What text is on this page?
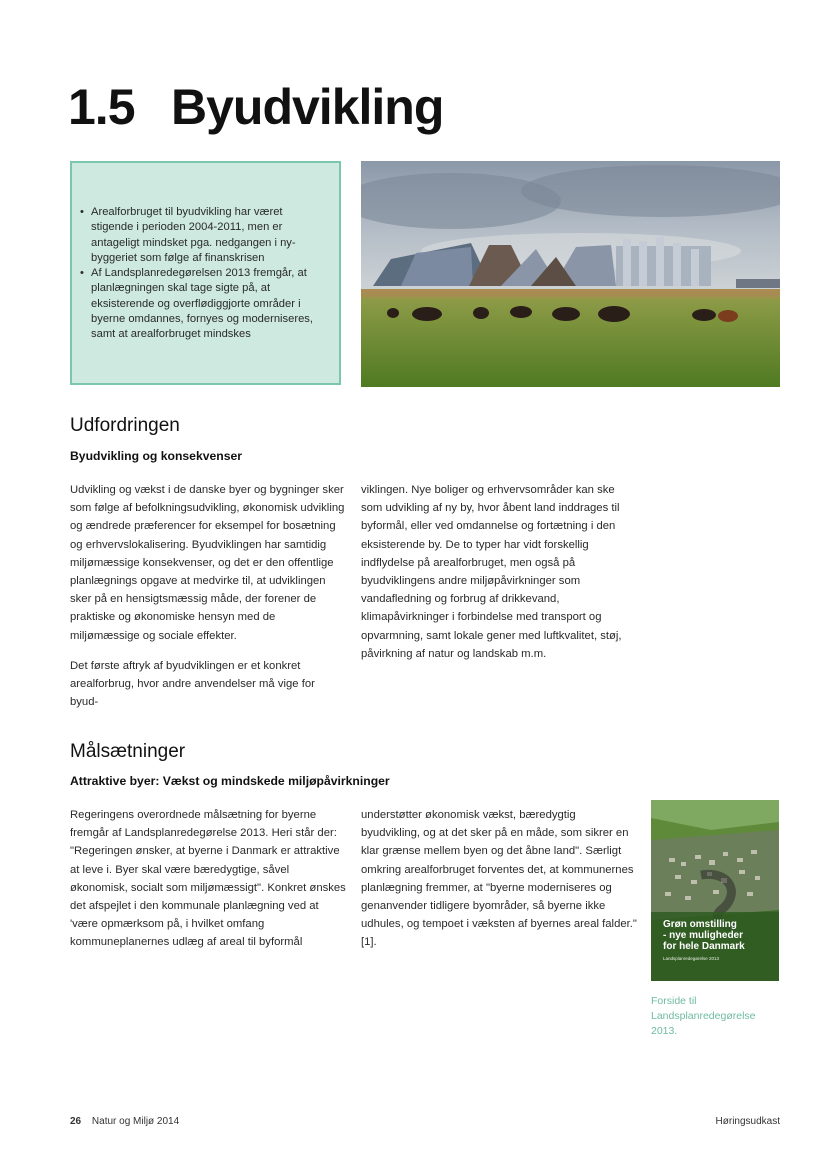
1.5 Byudvikling
• Arealforbruget til byudvikling har været stigende i perioden 2004-2011, men er antageligt mindsket pga. nedgangen i ny-byggeriet som følge af finanskrisen
• Af Landsplanredegørelsen 2013 fremgår, at planlægningen skal tage sigte på, at eksisterende og overflødiggjorte områder i byerne omdannes, fornyes og moderniseres, samt at arealforbruget mindskes
Udfordringen
Byudvikling og konsekvenser

Udvikling og vækst i de danske byer og bygninger sker som følge af befolkningsudvikling, økonomisk udvikling og ændrede præferencer for eksempel for bosætning og erhvervslokalisering. Byudviklingen har samtidig miljømæssige konsekvenser, og det er den offentlige planlægnings opgave at medvirke til, at udviklingen sker på en hensigtsmæssig måde, der forener de praktiske og økonomiske hensyn med de miljømæssige og sociale effekter.

Det første aftryk af byudviklingen er et konkret arealforbrug, hvor andre anvendelser må vige for byud-

viklingen. Nye boliger og erhvervsområder kan ske som udvikling af ny by, hvor åbent land inddrages til byformål, eller ved omdannelse og fortætning i den eksisterende by. De to typer har vidt forskellig indflydelse på arealforbruget, men også på byudviklingens andre miljøpåvirkninger som vandafledning og forbrug af drikkevand, klimapåvirkninger i forbindelse med transport og opvarmning, samt lokale gener med luftkvalitet, støj, påvirkning af natur og landskab m.m.

Målsætninger
Attraktive byer: Vækst og mindskede miljøpåvirkninger

Regeringens overordnede målsætning for byerne fremgår af Landsplanredegørelse 2013. Heri står der: "Regeringen ønsker, at byerne i Danmark er attraktive at leve i. Byer skal være bæredygtige, såvel økonomisk, socialt som miljømæssigt". Konkret ønskes det afspejlet i den kommunale planlægning ved at 'være opmærksom på, i hvilket omfang kommuneplanernes udlæg af areal til byformål

understøtter økonomisk vækst, bæredygtig byudvikling, og at det sker på en måde, som sikrer en klar grænse mellem byen og det åbne land". Særligt omkring arealforbruget forventes det, at kommunernes planlægning fremmer, at "byerne moderniseres og genanvender tidligere byområder, så byerne ikke udhules, og tempoet i væksten af byernes areal falder." [1].

Grøn omstilling
- nye muligheder
for hele Danmark
Landsplanredegørelse 2013
Forside til Landsplanredegørelse 2013.
26 Natur og Miljø 2014	Høringsudkast
